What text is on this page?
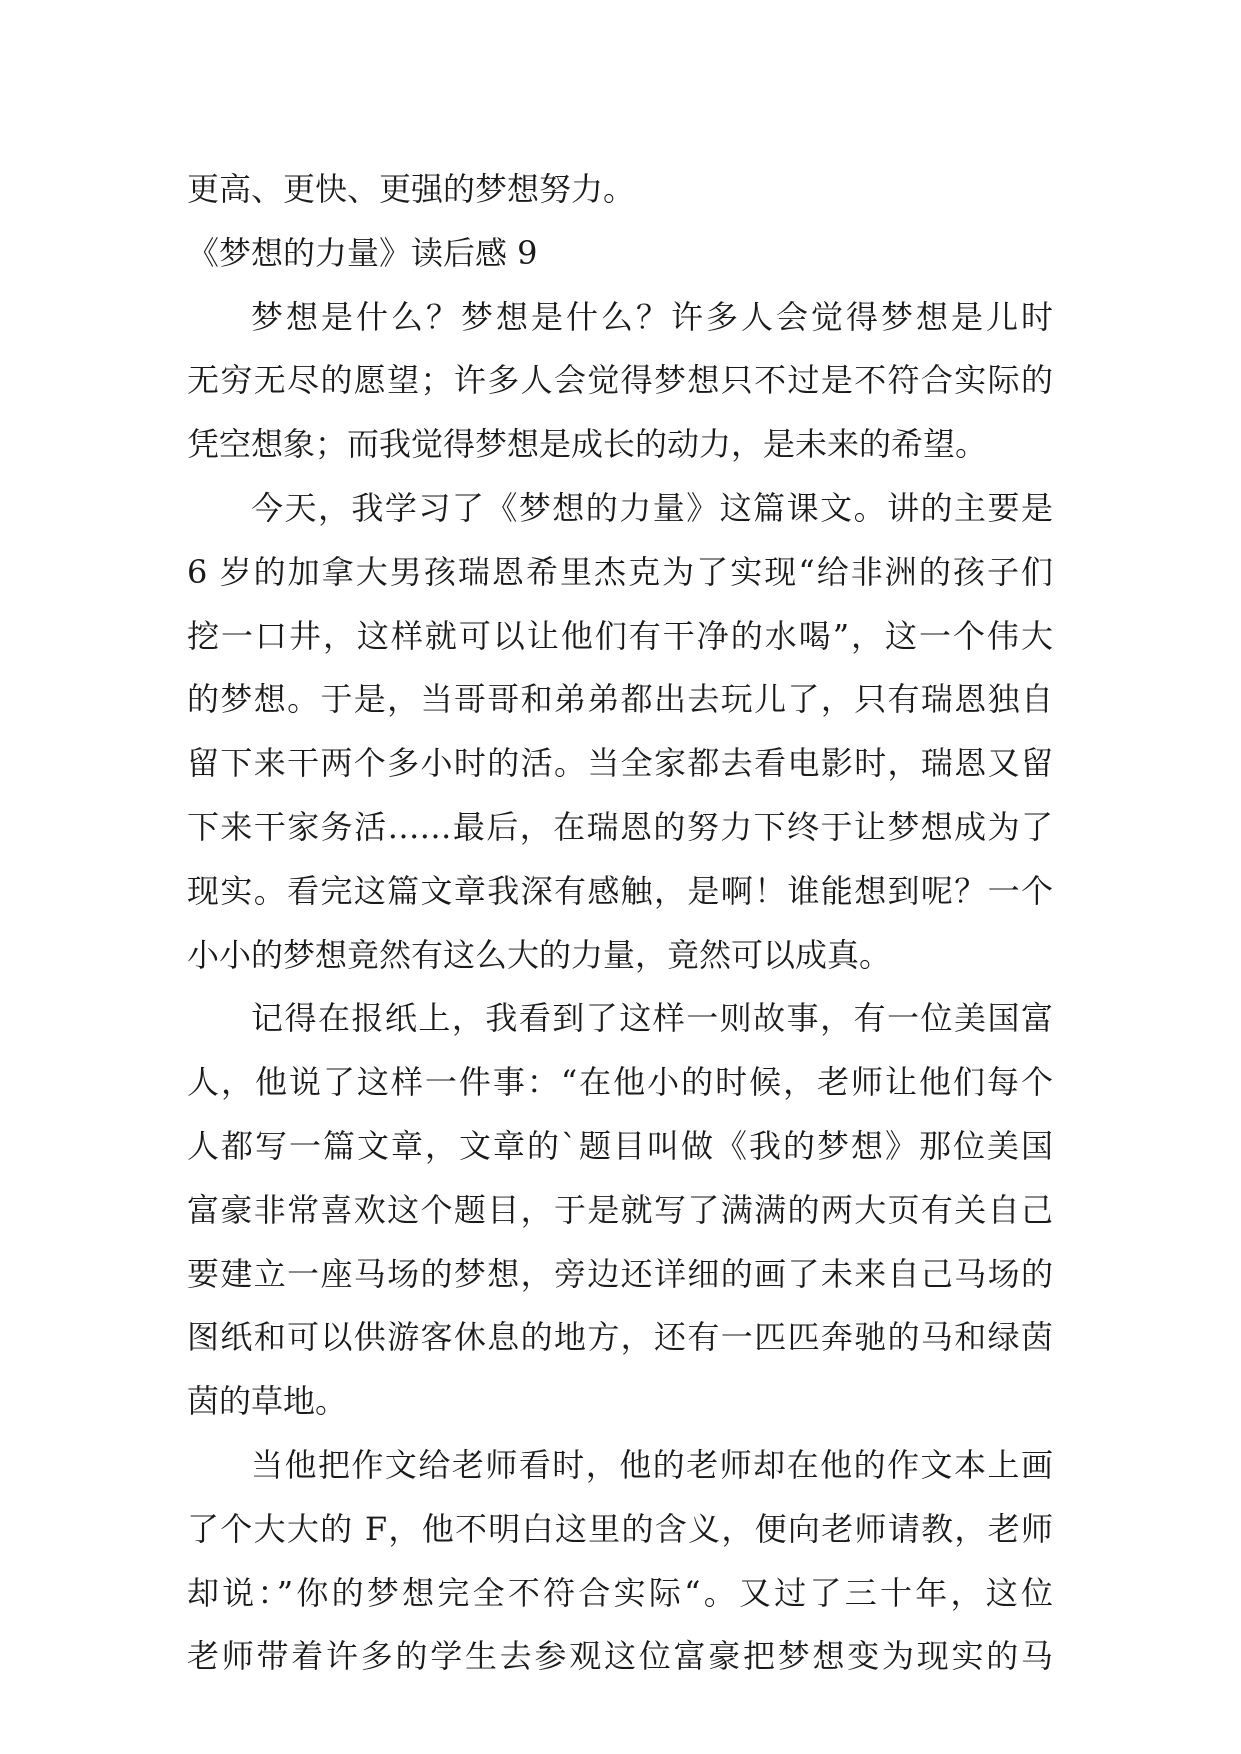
更高、更快、更强的梦想努力。
《梦想的力量》读后感 9
梦想是什么？梦想是什么？许多人会觉得梦想是儿时
无穷无尽的愿望；许多人会觉得梦想只不过是不符合实际的
凭空想象；而我觉得梦想是成长的动力，是未来的希望。
今天，我学习了《梦想的力量》这篇课文。讲的主要是
6 岁的加拿大男孩瑞恩希里杰克为了实现“给非洲的孩子们
挖一口井，这样就可以让他们有干净的水喝”，这一个伟大
的梦想。于是，当哥哥和弟弟都出去玩儿了，只有瑞恩独自
留下来干两个多小时的活。当全家都去看电影时，瑞恩又留
下来干家务活……最后，在瑞恩的努力下终于让梦想成为了
现实。看完这篇文章我深有感触，是啊！谁能想到呢？一个
小小的梦想竟然有这么大的力量，竟然可以成真。
记得在报纸上，我看到了这样一则故事，有一位美国富
人，他说了这样一件事：“在他小的时候，老师让他们每个
人都写一篇文章，文章的`题目叫做《我的梦想》那位美国
富豪非常喜欢这个题目，于是就写了满满的两大页有关自己
要建立一座马场的梦想，旁边还详细的画了未来自己马场的
图纸和可以供游客休息的地方，还有一匹匹奔驰的马和绿茵
茵的草地。
当他把作文给老师看时，他的老师却在他的作文本上画
了个大大的 F，他不明白这里的含义，便向老师请教，老师
却说：”你的梦想完全不符合实际“。又过了三十年，这位
老师带着许多的学生去参观这位富豪把梦想变为现实的马
